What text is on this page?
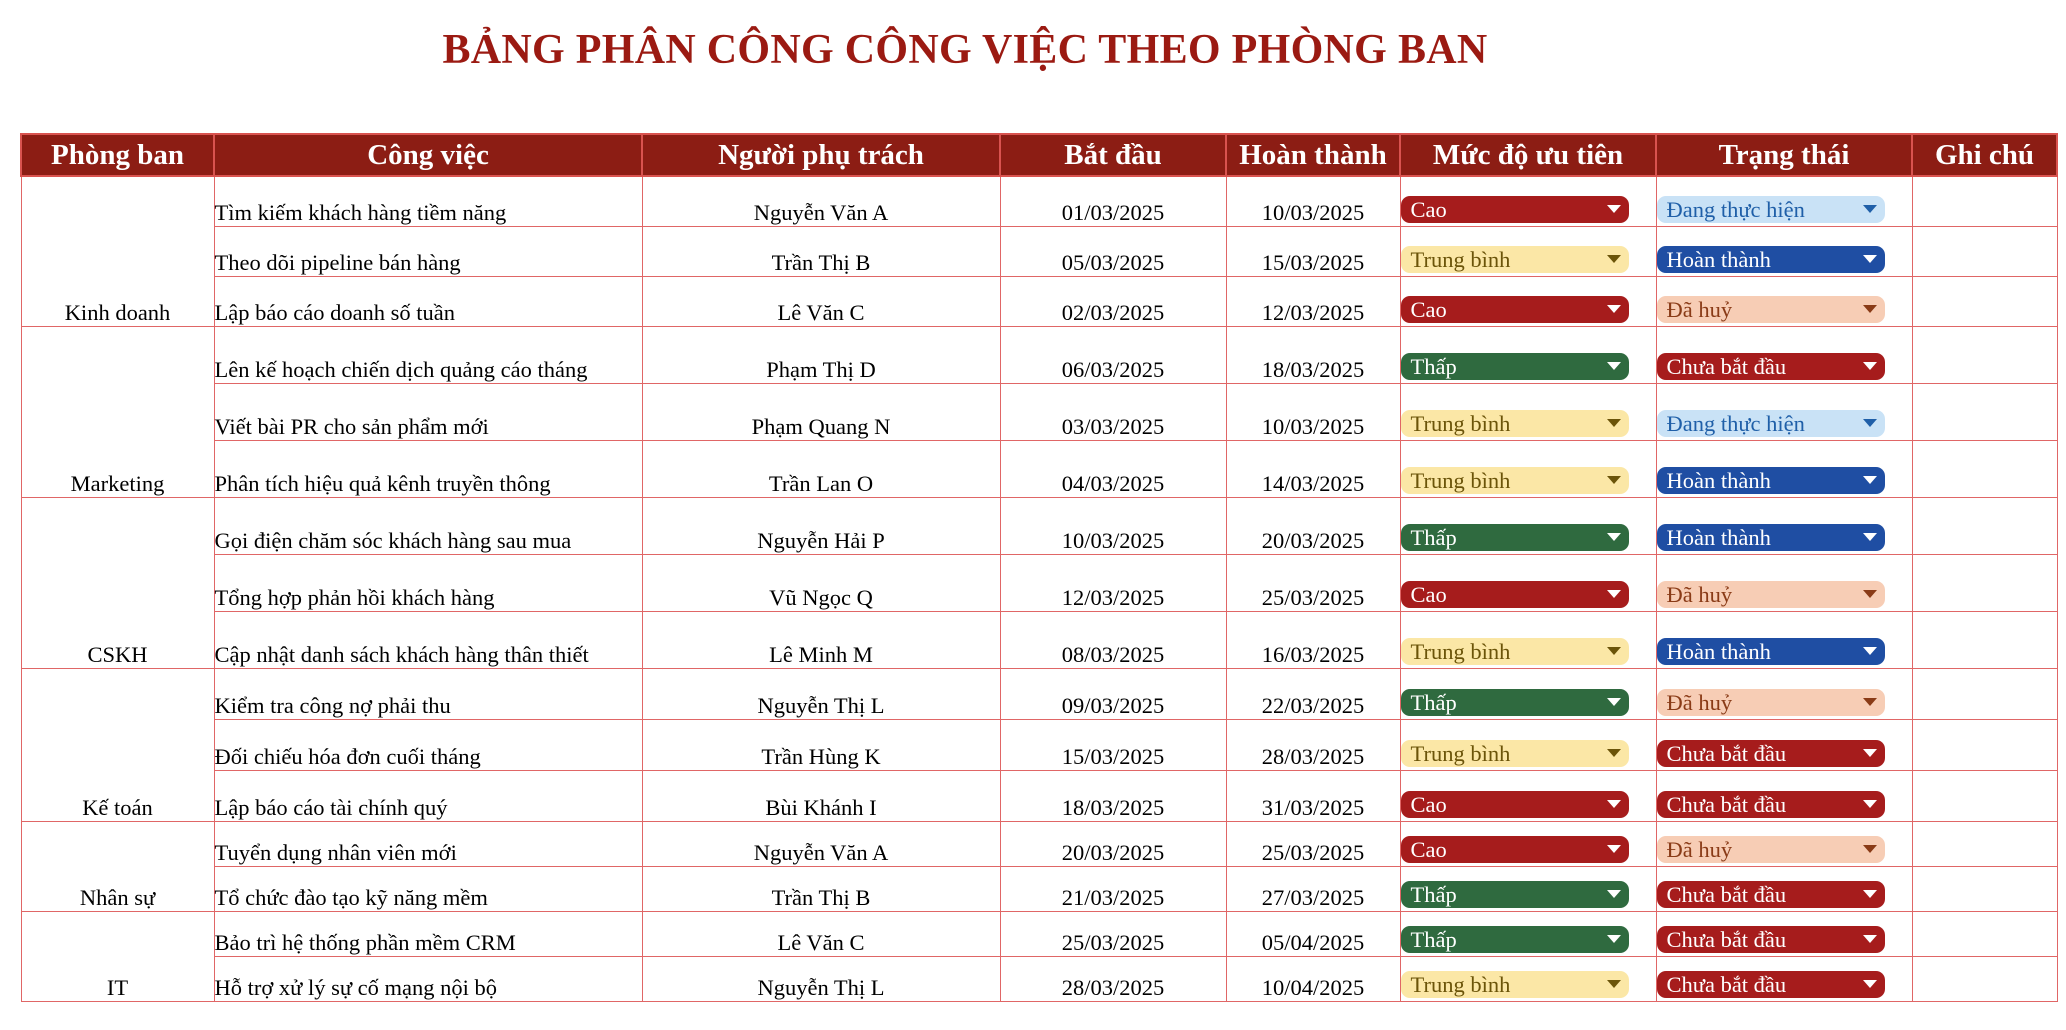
BẢNG PHÂN CÔNG CÔNG VIỆC THEO PHÒNG BAN
Phòng ban	Công việc	Người phụ trách	Bắt đầu	Hoàn thành	Mức độ ưu tiên	Trạng thái	Ghi chú
Kinh doanh	Tìm kiếm khách hàng tiềm năng	Nguyễn Văn A	01/03/2025	10/03/2025	Cao	Đang thực hiện	

	Theo dõi pipeline bán hàng	Trần Thị B	05/03/2025	15/03/2025	Trung bình	Hoàn thành	

	Lập báo cáo doanh số tuần	Lê Văn C	02/03/2025	12/03/2025	Cao	Đã huỷ	

Marketing	Lên kế hoạch chiến dịch quảng cáo tháng	Phạm Thị D	06/03/2025	18/03/2025	Thấp	Chưa bắt đầu	

	Viết bài PR cho sản phẩm mới	Phạm Quang N	03/03/2025	10/03/2025	Trung bình	Đang thực hiện	

	Phân tích hiệu quả kênh truyền thông	Trần Lan O	04/03/2025	14/03/2025	Trung bình	Hoàn thành	

CSKH	Gọi điện chăm sóc khách hàng sau mua	Nguyễn Hải P	10/03/2025	20/03/2025	Thấp	Hoàn thành	

	Tổng hợp phản hồi khách hàng	Vũ Ngọc Q	12/03/2025	25/03/2025	Cao	Đã huỷ	

	Cập nhật danh sách khách hàng thân thiết	Lê Minh M	08/03/2025	16/03/2025	Trung bình	Hoàn thành	

Kế toán	Kiểm tra công nợ phải thu	Nguyễn Thị L	09/03/2025	22/03/2025	Thấp	Đã huỷ	

	Đối chiếu hóa đơn cuối tháng	Trần Hùng K	15/03/2025	28/03/2025	Trung bình	Chưa bắt đầu	

	Lập báo cáo tài chính quý	Bùi Khánh I	18/03/2025	31/03/2025	Cao	Chưa bắt đầu	

Nhân sự	Tuyển dụng nhân viên mới	Nguyễn Văn A	20/03/2025	25/03/2025	Cao	Đã huỷ	

	Tổ chức đào tạo kỹ năng mềm	Trần Thị B	21/03/2025	27/03/2025	Thấp	Chưa bắt đầu	

IT	Bảo trì hệ thống phần mềm CRM	Lê Văn C	25/03/2025	05/04/2025	Thấp	Chưa bắt đầu	

	Hỗ trợ xử lý sự cố mạng nội bộ	Nguyễn Thị L	28/03/2025	10/04/2025	Trung bình	Chưa bắt đầu	
